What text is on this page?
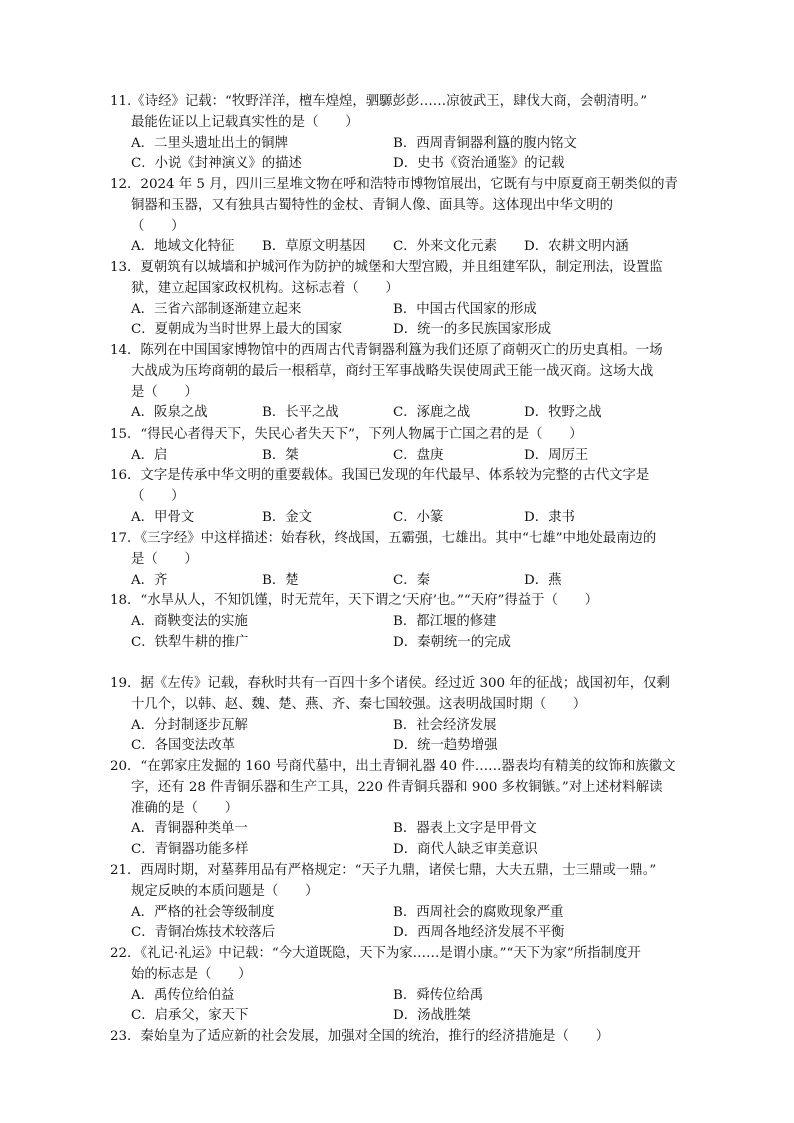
11.《诗经》记载：“牧野洋洋，檀车煌煌，驷騵彭彭……凉彼武王，肆伐大商，会朝清明。”
最能佐证以上记载真实性的是（　　）
A．二里头遗址出土的铜牌	B．西周青铜器利簋的腹内铭文
C．小说《封神演义》的描述	D．史书《资治通鉴》的记载
12．2024 年 5 月，四川三星堆文物在呼和浩特市博物馆展出，它既有与中原夏商王朝类似的青
铜器和玉器，又有独具古蜀特性的金杖、青铜人像、面具等。这体现出中华文明的
（　　）
A．地域文化特征	B．草原文明基因	C．外来文化元素	D．农耕文明内涵
13．夏朝筑有以城墙和护城河作为防护的城堡和大型宫殿，并且组建军队，制定刑法，设置监
狱，建立起国家政权机构。这标志着（　　）
A．三省六部制逐渐建立起来	B．中国古代国家的形成
C．夏朝成为当时世界上最大的国家	D．统一的多民族国家形成
14．陈列在中国国家博物馆中的西周古代青铜器利簋为我们还原了商朝灭亡的历史真相。一场
大战成为压垮商朝的最后一根稻草，商纣王军事战略失误使周武王能一战灭商。这场大战
是（　　）
A．阪泉之战	B．长平之战	C．涿鹿之战	D．牧野之战
15．“得民心者得天下，失民心者失天下”，下列人物属于亡国之君的是（　　）
A．启	B．桀	C．盘庚	D．周厉王
16．文字是传承中华文明的重要载体。我国已发现的年代最早、体系较为完整的古代文字是
（　　）
A．甲骨文	B．金文	C．小篆	D．隶书
17．《三字经》中这样描述：始春秋，终战国，五霸强，七雄出。其中“七雄”中地处最南边的
是（　　）
A．齐	B．楚	C．秦	D．燕
18．“水旱从人，不知饥馑，时无荒年，天下谓之‘天府’也。”“天府”得益于（　　）
A．商鞅变法的实施	B．都江堰的修建
C．铁犁牛耕的推广	D．秦朝统一的完成
19．据《左传》记载，春秋时共有一百四十多个诸侯。经过近 300 年的征战；战国初年，仅剩
十几个，以韩、赵、魏、楚、燕、齐、秦七国较强。这表明战国时期（　　）
A．分封制逐步瓦解	B．社会经济发展
C．各国变法改革	D．统一趋势增强
20．“在郭家庄发掘的 160 号商代墓中，出土青铜礼器 40 件……器表均有精美的纹饰和族徽文
字，还有 28 件青铜乐器和生产工具，220 件青铜兵器和 900 多枚铜镞。”对上述材料解读
准确的是（　　）
A．青铜器种类单一	B．器表上文字是甲骨文
C．青铜器功能多样	D．商代人缺乏审美意识
21．西周时期，对墓葬用品有严格规定：“天子九鼎，诸侯七鼎，大夫五鼎，士三鼎或一鼎。”
规定反映的本质问题是（　　）
A．严格的社会等级制度	B．西周社会的腐败现象严重
C．青铜冶炼技术较落后	D．西周各地经济发展不平衡
22．《礼记·礼运》中记载：“今大道既隐，天下为家……是谓小康。”“天下为家”所指制度开
始的标志是（　　）
A．禹传位给伯益	B．舜传位给禹
C．启承父，家天下	D．汤战胜桀
23．秦始皇为了适应新的社会发展，加强对全国的统治，推行的经济措施是（　　）
